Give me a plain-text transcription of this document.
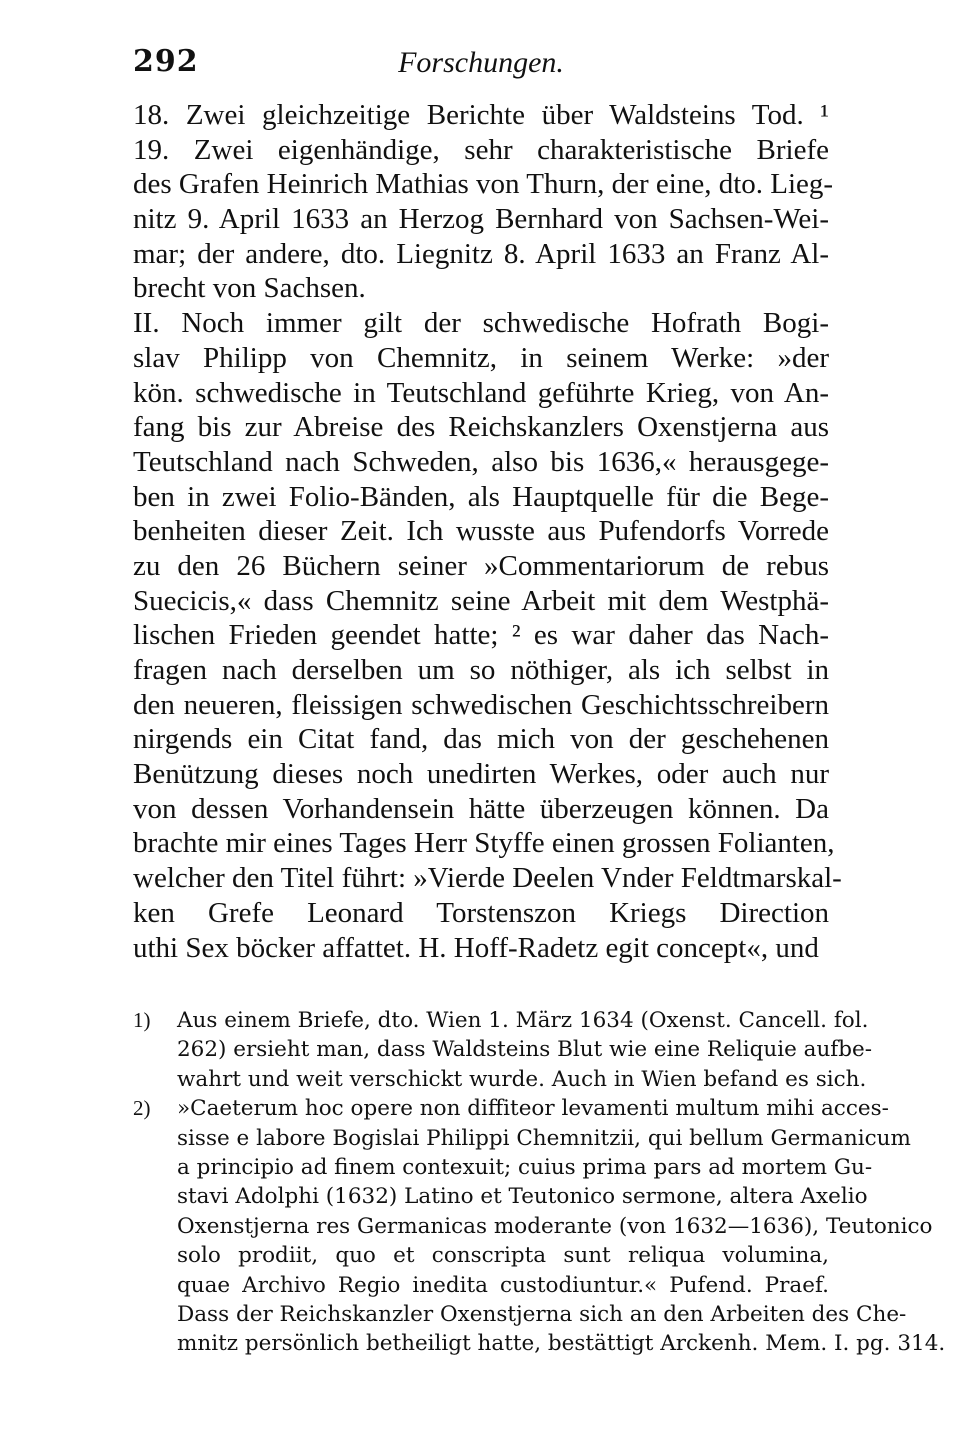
292	Forschungen.
18. Zwei gleichzeitige Berichte über Waldsteins Tod. ¹
19. Zwei eigenhändige, sehr charakteristische Briefe
des Grafen Heinrich Mathias von Thurn, der eine, dto. Lieg-
nitz 9. April 1633 an Herzog Bernhard von Sachsen-Wei-
mar; der andere, dto. Liegnitz 8. April 1633 an Franz Al-
brecht von Sachsen.
II. Noch immer gilt der schwedische Hofrath Bogi-
slav Philipp von Chemnitz, in seinem Werke: »der
kön. schwedische in Teutschland geführte Krieg, von An-
fang bis zur Abreise des Reichskanzlers Oxenstjerna aus
Teutschland nach Schweden, also bis 1636,« herausgege-
ben in zwei Folio-Bänden, als Hauptquelle für die Bege-
benheiten dieser Zeit. Ich wusste aus Pufendorfs Vorrede
zu den 26 Büchern seiner »Commentariorum de rebus
Suecicis,« dass Chemnitz seine Arbeit mit dem Westphä-
lischen Frieden geendet hatte; ² es war daher das Nach-
fragen nach derselben um so nöthiger, als ich selbst in
den neueren, fleissigen schwedischen Geschichtsschreibern
nirgends ein Citat fand, das mich von der geschehenen
Benützung dieses noch unedirten Werkes, oder auch nur
von dessen Vorhandensein hätte überzeugen können. Da
brachte mir eines Tages Herr Styffe einen grossen Folianten,
welcher den Titel führt: »Vierde Deelen Vnder Feldtmarskal-
ken Grefe Leonard Torstenszon Kriegs Direction
uthi Sex böcker affattet. H. Hoff-Radetz egit concept«, und
1) Aus einem Briefe, dto. Wien 1. März 1634 (Oxenst. Cancell. fol.
262) ersieht man, dass Waldsteins Blut wie eine Reliquie aufbe-
wahrt und weit verschickt wurde. Auch in Wien befand es sich.
2) »Caeterum hoc opere non diffiteor levamenti multum mihi acces-
sisse e labore Bogislai Philippi Chemnitzii, qui bellum Germanicum
a principio ad finem contexuit; cuius prima pars ad mortem Gu-
stavi Adolphi (1632) Latino et Teutonico sermone, altera Axelio
Oxenstjerna res Germanicas moderante (von 1632—1636), Teutonico
solo prodiit, quo et conscripta sunt reliqua volumina,
quae Archivo Regio inedita custodiuntur.« Pufend. Praef.
Dass der Reichskanzler Oxenstjerna sich an den Arbeiten des Che-
mnitz persönlich betheiligt hatte, bestättigt Arckenh. Mem. I. pg. 314.
